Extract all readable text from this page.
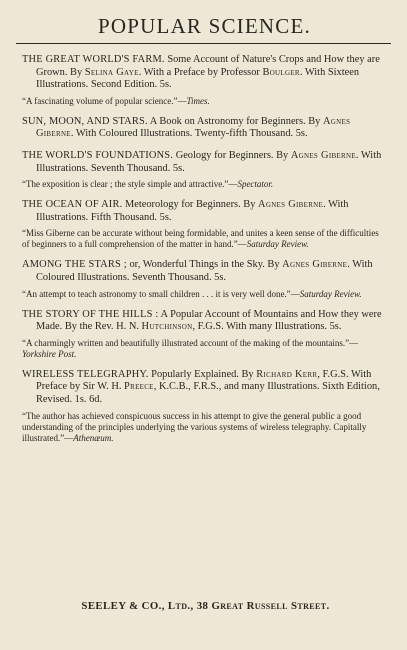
POPULAR SCIENCE.

THE GREAT WORLD'S FARM. Some Account of Nature's Crops and How they are Grown. By Selina Gaye. With a Preface by Professor Boulger. With Sixteen Illustrations. Second Edition. 5s.

“A fascinating volume of popular science.”—Times.

SUN, MOON, AND STARS. A Book on Astronomy for Beginners. By Agnes Giberne. With Coloured Illustrations. Twenty-fifth Thousand. 5s.

THE WORLD'S FOUNDATIONS. Geology for Beginners. By Agnes Giberne. With Illustrations. Seventh Thousand. 5s.

“The exposition is clear ; the style simple and attractive.”—Spectator.

THE OCEAN OF AIR. Meteorology for Beginners. By Agnes Giberne. With Illustrations. Fifth Thousand. 5s.

“Miss Giberne can be accurate without being formidable, and unites a keen sense of the difficulties of beginners to a full comprehension of the matter in hand.”—Saturday Review.

AMONG THE STARS ; or, Wonderful Things in the Sky. By Agnes Giberne. With Coloured Illustrations. Seventh Thousand. 5s.

“An attempt to teach astronomy to small children . . . it is very well done.”—Saturday Review.

THE STORY OF THE HILLS : A Popular Account of Mountains and How they were Made. By the Rev. H. N. Hutchinson, F.G.S. With many Illustrations. 5s.

“A charmingly written and beautifully illustrated account of the making of the mountains.”—Yorkshire Post.

WIRELESS TELEGRAPHY. Popularly Explained. By Richard Kerr, F.G.S. With Preface by Sir W. H. Preece, K.C.B., F.R.S., and many Illustrations. Sixth Edition, Revised. 1s. 6d.

“The author has achieved conspicuous success in his attempt to give the general public a good understanding of the principles underlying the various systems of wireless telegraphy. Capitally illustrated.”—Athenæum.

SEELEY & CO., Ltd., 38 Great Russell Street.
